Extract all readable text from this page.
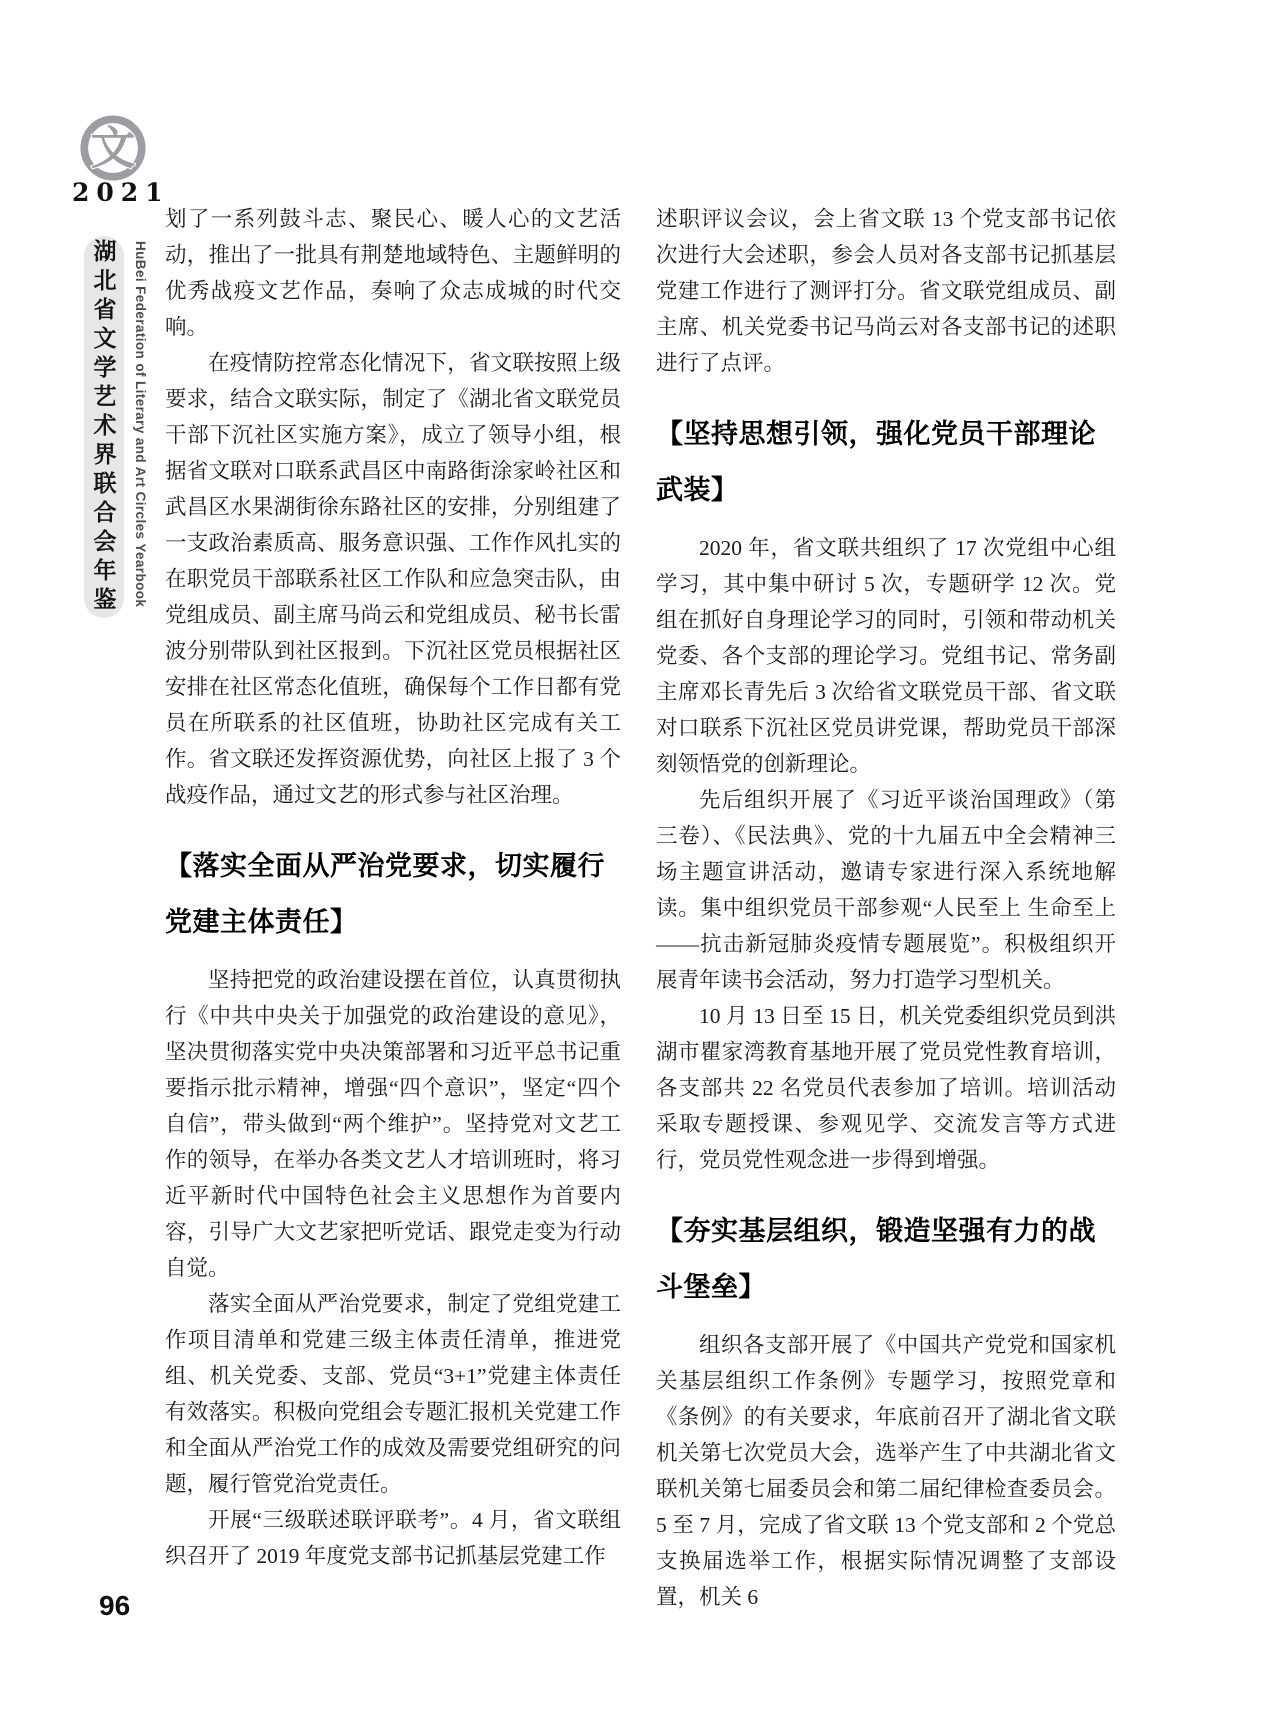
文
2021
湖北省文学艺术界联合会年鉴	HuBei Federation of Literary and Art Circles Yearbook

划了一系列鼓斗志、聚民心、暖人心的文艺活动，推出了一批具有荆楚地域特色、主题鲜明的优秀战疫文艺作品，奏响了众志成城的时代交响。

在疫情防控常态化情况下，省文联按照上级要求，结合文联实际，制定了《湖北省文联党员干部下沉社区实施方案》，成立了领导小组，根据省文联对口联系武昌区中南路街涂家岭社区和武昌区水果湖街徐东路社区的安排，分别组建了一支政治素质高、服务意识强、工作作风扎实的在职党员干部联系社区工作队和应急突击队，由党组成员、副主席马尚云和党组成员、秘书长雷波分别带队到社区报到。下沉社区党员根据社区安排在社区常态化值班，确保每个工作日都有党员在所联系的社区值班，协助社区完成有关工作。省文联还发挥资源优势，向社区上报了 3 个战疫作品，通过文艺的形式参与社区治理。

【落实全面从严治党要求，切实履行党建主体责任】

坚持把党的政治建设摆在首位，认真贯彻执行《中共中央关于加强党的政治建设的意见》，坚决贯彻落实党中央决策部署和习近平总书记重要指示批示精神，增强“四个意识”，坚定“四个自信”，带头做到“两个维护”。坚持党对文艺工作的领导，在举办各类文艺人才培训班时，将习近平新时代中国特色社会主义思想作为首要内容，引导广大文艺家把听党话、跟党走变为行动自觉。

落实全面从严治党要求，制定了党组党建工作项目清单和党建三级主体责任清单，推进党组、机关党委、支部、党员“3+1”党建主体责任有效落实。积极向党组会专题汇报机关党建工作和全面从严治党工作的成效及需要党组研究的问题，履行管党治党责任。

开展“三级联述联评联考”。4 月，省文联组织召开了 2019 年度党支部书记抓基层党建工作

述职评议会议，会上省文联 13 个党支部书记依次进行大会述职，参会人员对各支部书记抓基层党建工作进行了测评打分。省文联党组成员、副主席、机关党委书记马尚云对各支部书记的述职进行了点评。

【坚持思想引领，强化党员干部理论武装】

2020 年，省文联共组织了 17 次党组中心组学习，其中集中研讨 5 次，专题研学 12 次。党组在抓好自身理论学习的同时，引领和带动机关党委、各个支部的理论学习。党组书记、常务副主席邓长青先后 3 次给省文联党员干部、省文联对口联系下沉社区党员讲党课，帮助党员干部深刻领悟党的创新理论。

先后组织开展了《习近平谈治国理政》（第三卷）、《民法典》、党的十九届五中全会精神三场主题宣讲活动，邀请专家进行深入系统地解读。集中组织党员干部参观“人民至上 生命至上——抗击新冠肺炎疫情专题展览”。积极组织开展青年读书会活动，努力打造学习型机关。

10 月 13 日至 15 日，机关党委组织党员到洪湖市瞿家湾教育基地开展了党员党性教育培训，各支部共 22 名党员代表参加了培训。培训活动采取专题授课、参观见学、交流发言等方式进行，党员党性观念进一步得到增强。

【夯实基层组织，锻造坚强有力的战斗堡垒】

组织各支部开展了《中国共产党党和国家机关基层组织工作条例》专题学习，按照党章和《条例》的有关要求，年底前召开了湖北省文联机关第七次党员大会，选举产生了中共湖北省文联机关第七届委员会和第二届纪律检查委员会。5 至 7 月，完成了省文联 13 个党支部和 2 个党总支换届选举工作，根据实际情况调整了支部设置，机关 6

96
